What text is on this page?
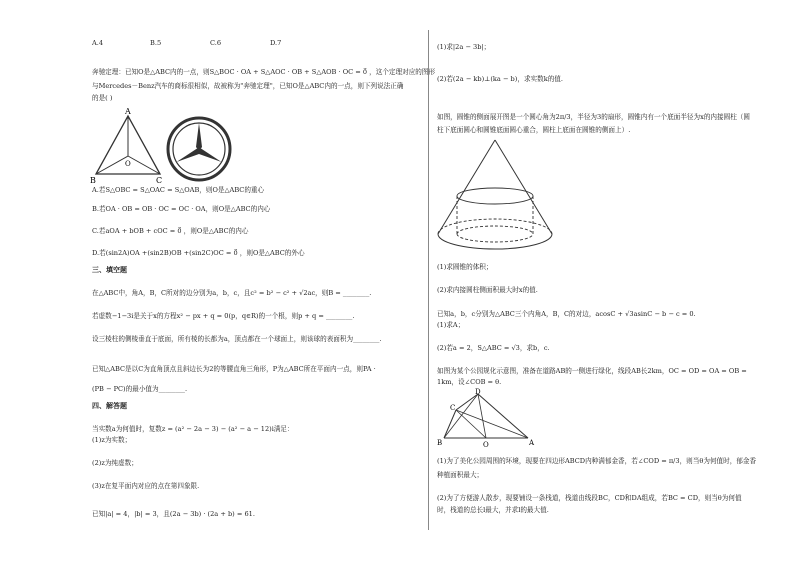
A.4	B.5	C.6	D.7
奔驰定理：已知O是△ABC内的一点，则S△BOC · OA + S△AOC · OB + S△AOB · OC = 0⃗ ，这个定理对应的图形
与Mercedes－Benz汽车的商标很相似，故被称为"奔驰定理"，已知O是△ABC内的一点，则下列说法正确
的是( )
A
B	C
O
A.若S△OBC = S△OAC = S△OAB，则O是△ABC的重心
B.若OA · OB = OB · OC = OC · OA，则O是△ABC的内心
C.若aOA + bOB + cOC = 0⃗ ，则O是△ABC的内心
D.若(sin2A)OA +(sin2B)OB +(sin2C)OC = 0⃗ ，则O是△ABC的外心
三、填空题
在△ABC中，角A，B，C所对的边分别为a，b，c，且c² = b² − c² + √2ac，则B = ________.
若虚数−1−3i是关于x的方程x² − px + q = 0(p，q∈R)的一个根，则p + q = ________.
设三棱柱的侧棱垂直于底面，所有棱的长都为a，顶点都在一个球面上，则该球的表面积为________.
已知△ABC是以C为直角顶点且斜边长为2的等腰直角三角形，P为△ABC所在平面内一点，则PA ·
(PB − PC)的最小值为________.
四、解答题
当实数a为何值时，复数z = (a² − 2a − 3) − (a² − a − 12)i满足：
(1)z为实数；
(2)z为纯虚数；
(3)z在复平面内对应的点在第四象限.
已知|a| = 4，|b| = 3，且(2a − 3b) · (2a + b) = 61.
(1)求|2a − 3b|；
(2)若(2a − kb)⊥(ka − b)，求实数k的值.
如图，圆锥的侧面展开图是一个圆心角为2π/3，半径为3的扇形，圆锥内有一个底面半径为x的内接圆柱（圆
柱下底面圆心和圆锥底面圆心重合，圆柱上底面在圆锥的侧面上）.
(1)求圆锥的体积；
(2)求内接圆柱侧面积最大时x的值.
已知a，b，c分别为△ABC三个内角A，B，C的对边，acosC + √3asinC − b − c = 0.
(1)求A；
(2)若a = 2，S△ABC = √3，求b，c.
如图为某个公园规化示意图，准备在道路AB的一侧进行绿化，线段AB长2km，OC = OD = OA = OB =
1km，设∠COB = θ.
B
C
D
O	A
(1)为了美化公园周围的环境，现要在四边形ABCD内种满郁金香，若∠COD = π/3，则当θ为何值时，郁金香
种植面积最大；
(2)为了方便游人散步，现要铺设一条栈道，栈道由线段BC，CD和DA组成，若BC = CD，则当θ为何值
时，栈道的总长l最大，并求l的最大值.
